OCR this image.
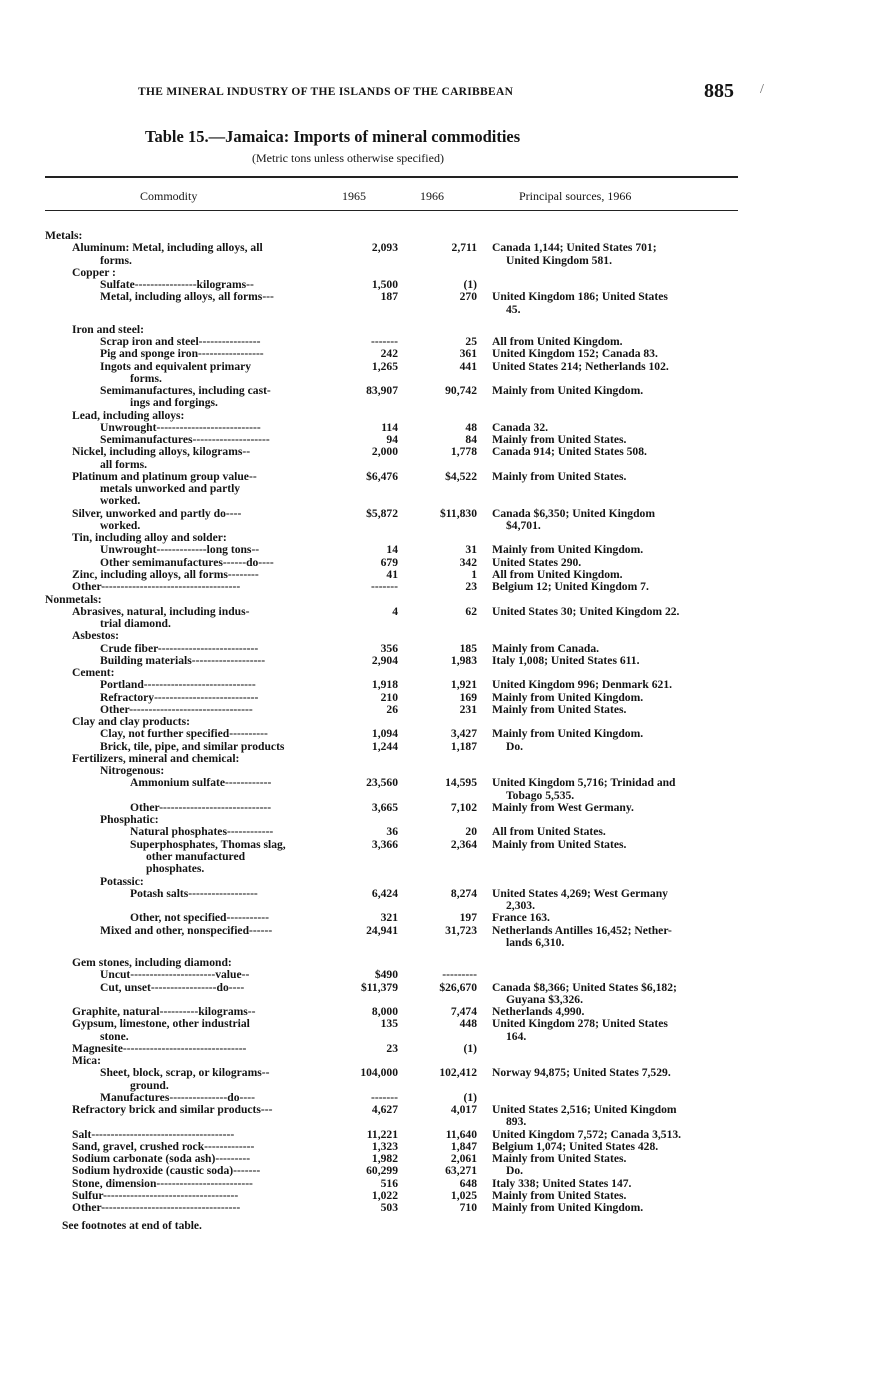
THE MINERAL INDUSTRY OF THE ISLANDS OF THE CARIBBEAN	885 /
Table 15.—Jamaica: Imports of mineral commodities
(Metric tons unless otherwise specified)
Commodity	1965	1966	Principal sources, 1966
Metals:
Aluminum: Metal, including alloys, all	2,093	2,711 Canada 1,144; United States 701;
forms.	United Kingdom 581.
Copper :
Sulfate----------------kilograms--	1,500	(1)
Metal, including alloys, all forms---	187	270 United Kingdom 186; United States
45.
Iron and steel:
Scrap iron and steel----------------	-------	25 All from United Kingdom.
Pig and sponge iron-----------------	242	361 United Kingdom 152; Canada 83.
Ingots and equivalent primary	1,265	441 United States 214; Netherlands 102.
forms.
Semimanufactures, including cast-	83,907	90,742 Mainly from United Kingdom.
ings and forgings.
Lead, including alloys:
Unwrought---------------------------	114	48 Canada 32.
Semimanufactures--------------------	94	84 Mainly from United States.
Nickel, including alloys, kilograms--	2,000	1,778 Canada 914; United States 508.
all forms.
Platinum and platinum group value--	$6,476	$4,522 Mainly from United States.
metals unworked and partly
worked.
Silver, unworked and partly do----	$5,872	$11,830 Canada $6,350; United Kingdom
worked.	$4,701.
Tin, including alloy and solder:
Unwrought-------------long tons--	14	31 Mainly from United Kingdom.
Other semimanufactures------do----	679	342 United States 290.
Zinc, including alloys, all forms--------	41	1 All from United Kingdom.
Other------------------------------------	-------	23 Belgium 12; United Kingdom 7.
Nonmetals:
Abrasives, natural, including indus-	4	62 United States 30; United Kingdom 22.
trial diamond.
Asbestos:
Crude fiber--------------------------	356	185 Mainly from Canada.
Building materials-------------------	2,904	1,983 Italy 1,008; United States 611.
Cement:
Portland-----------------------------	1,918	1,921 United Kingdom 996; Denmark 621.
Refractory---------------------------	210	169 Mainly from United Kingdom.
Other--------------------------------	26	231 Mainly from United States.
Clay and clay products:
Clay, not further specified----------	1,094	3,427 Mainly from United Kingdom.
Brick, tile, pipe, and similar products	1,244	1,187	Do.
Fertilizers, mineral and chemical:
Nitrogenous:
Ammonium sulfate------------	23,560	14,595 United Kingdom 5,716; Trinidad and
Tobago 5,535.
Other-----------------------------	3,665	7,102 Mainly from West Germany.
Phosphatic:
Natural phosphates------------	36	20 All from United States.
Superphosphates, Thomas slag,	3,366	2,364 Mainly from United States.
other manufactured
phosphates.
Potassic:
Potash salts------------------	6,424	8,274 United States 4,269; West Germany
2,303.
Other, not specified-----------	321	197 France 163.
Mixed and other, nonspecified------	24,941	31,723 Netherlands Antilles 16,452; Nether-
lands 6,310.
Gem stones, including diamond:
Uncut----------------------value--	$490	---------
Cut, unset-----------------do----	$11,379	$26,670 Canada $8,366; United States $6,182;
Guyana $3,326.
Graphite, natural----------kilograms--	8,000	7,474 Netherlands 4,990.
Gypsum, limestone, other industrial	135	448 United Kingdom 278; United States
stone.	164.
Magnesite--------------------------------	23	(1)
Mica:
Sheet, block, scrap, or kilograms--	104,000	102,412 Norway 94,875; United States 7,529.
ground.
Manufactures---------------do----	-------	(1)
Refractory brick and similar products---	4,627	4,017 United States 2,516; United Kingdom
893.
Salt-------------------------------------	11,221	11,640 United Kingdom 7,572; Canada 3,513.
Sand, gravel, crushed rock-------------	1,323	1,847 Belgium 1,074; United States 428.
Sodium carbonate (soda ash)---------	1,982	2,061 Mainly from United States.
Sodium hydroxide (caustic soda)-------	60,299	63,271	Do.
Stone, dimension-------------------------	516	648 Italy 338; United States 147.
Sulfur-----------------------------------	1,022	1,025 Mainly from United States.
Other------------------------------------	503	710 Mainly from United Kingdom.
See footnotes at end of table.
